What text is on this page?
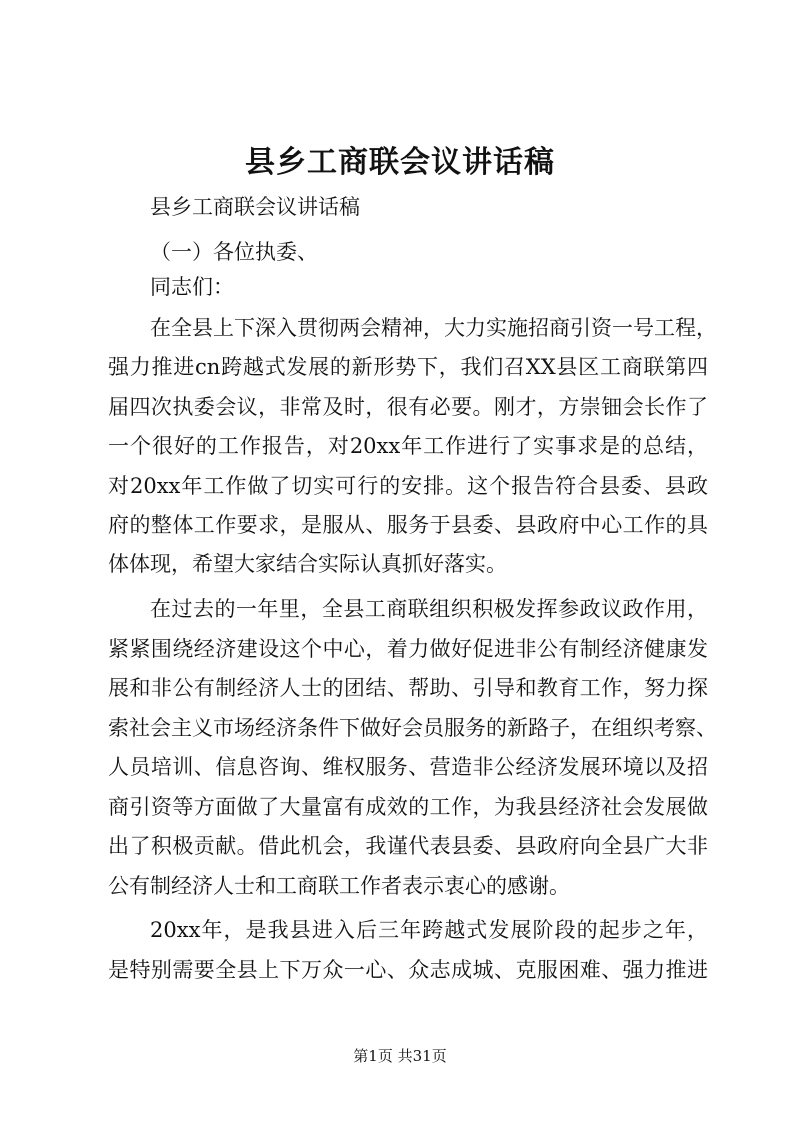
县乡工商联会议讲话稿
县乡工商联会议讲话稿
（一）各位执委、
同志们：
在全县上下深入贯彻两会精神，大力实施招商引资一号工程，
强力推进cn跨越式发展的新形势下，我们召XX县区工商联第四
届四次执委会议，非常及时，很有必要。刚才，方崇钿会长作了
一个很好的工作报告，对20xx年工作进行了实事求是的总结，
对20xx年工作做了切实可行的安排。这个报告符合县委、县政
府的整体工作要求，是服从、服务于县委、县政府中心工作的具
体体现，希望大家结合实际认真抓好落实。
在过去的一年里，全县工商联组织积极发挥参政议政作用，
紧紧围绕经济建设这个中心，着力做好促进非公有制经济健康发
展和非公有制经济人士的团结、帮助、引导和教育工作，努力探
索社会主义市场经济条件下做好会员服务的新路子，在组织考察、
人员培训、信息咨询、维权服务、营造非公经济发展环境以及招
商引资等方面做了大量富有成效的工作，为我县经济社会发展做
出了积极贡献。借此机会，我谨代表县委、县政府向全县广大非
公有制经济人士和工商联工作者表示衷心的感谢。
20xx年，是我县进入后三年跨越式发展阶段的起步之年，
是特别需要全县上下万众一心、众志成城、克服困难、强力推进
第1页 共31页
